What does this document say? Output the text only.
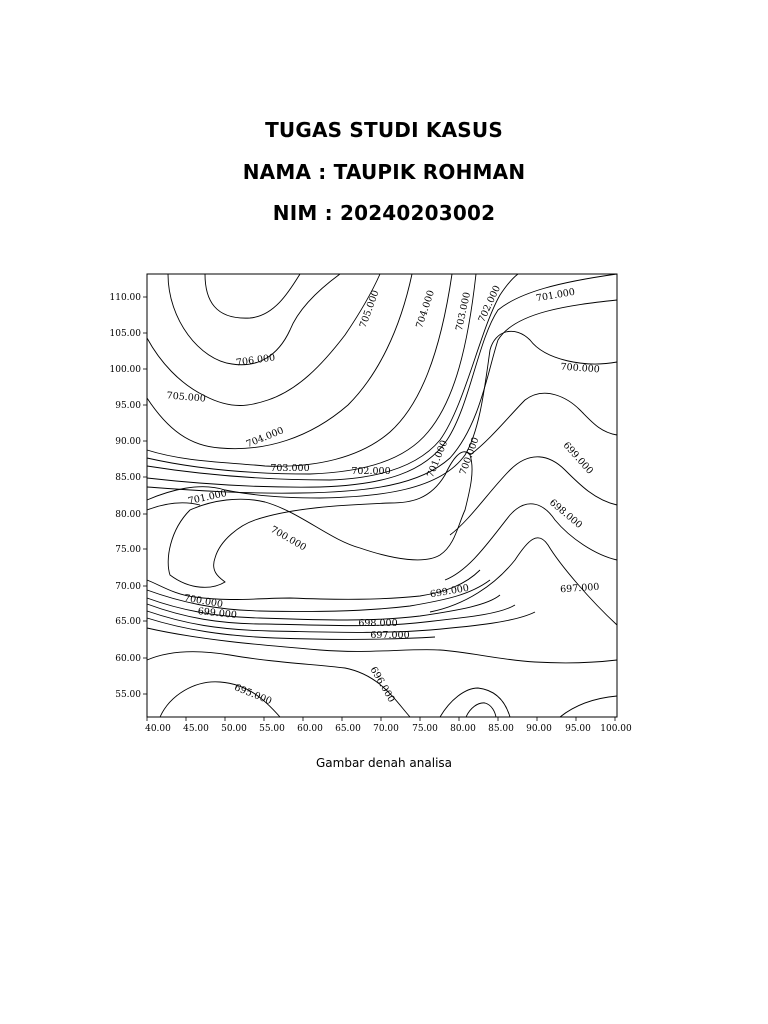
TUGAS STUDI KASUS
NAMA : TAUPIK ROHMAN
NIM : 20240203002
110.00
105.00
100.00
95.00
90.00
85.00
80.00
75.00
70.00
65.00
60.00
55.00
40.00 45.00 50.00 55.00 60.00 65.00 70.00 75.00 80.00 85.00 90.00 95.00 100.00
705.000	704.000 703.000 702.000	701.000
706.000
705.000
704.000
703.000	702.000	701.000 700.000
701.000
700.000
700.000
699.000
698.000
697.000
700.000
699.000
699.000
698.000
697.000
696.000
695.000
Gambar denah analisa
